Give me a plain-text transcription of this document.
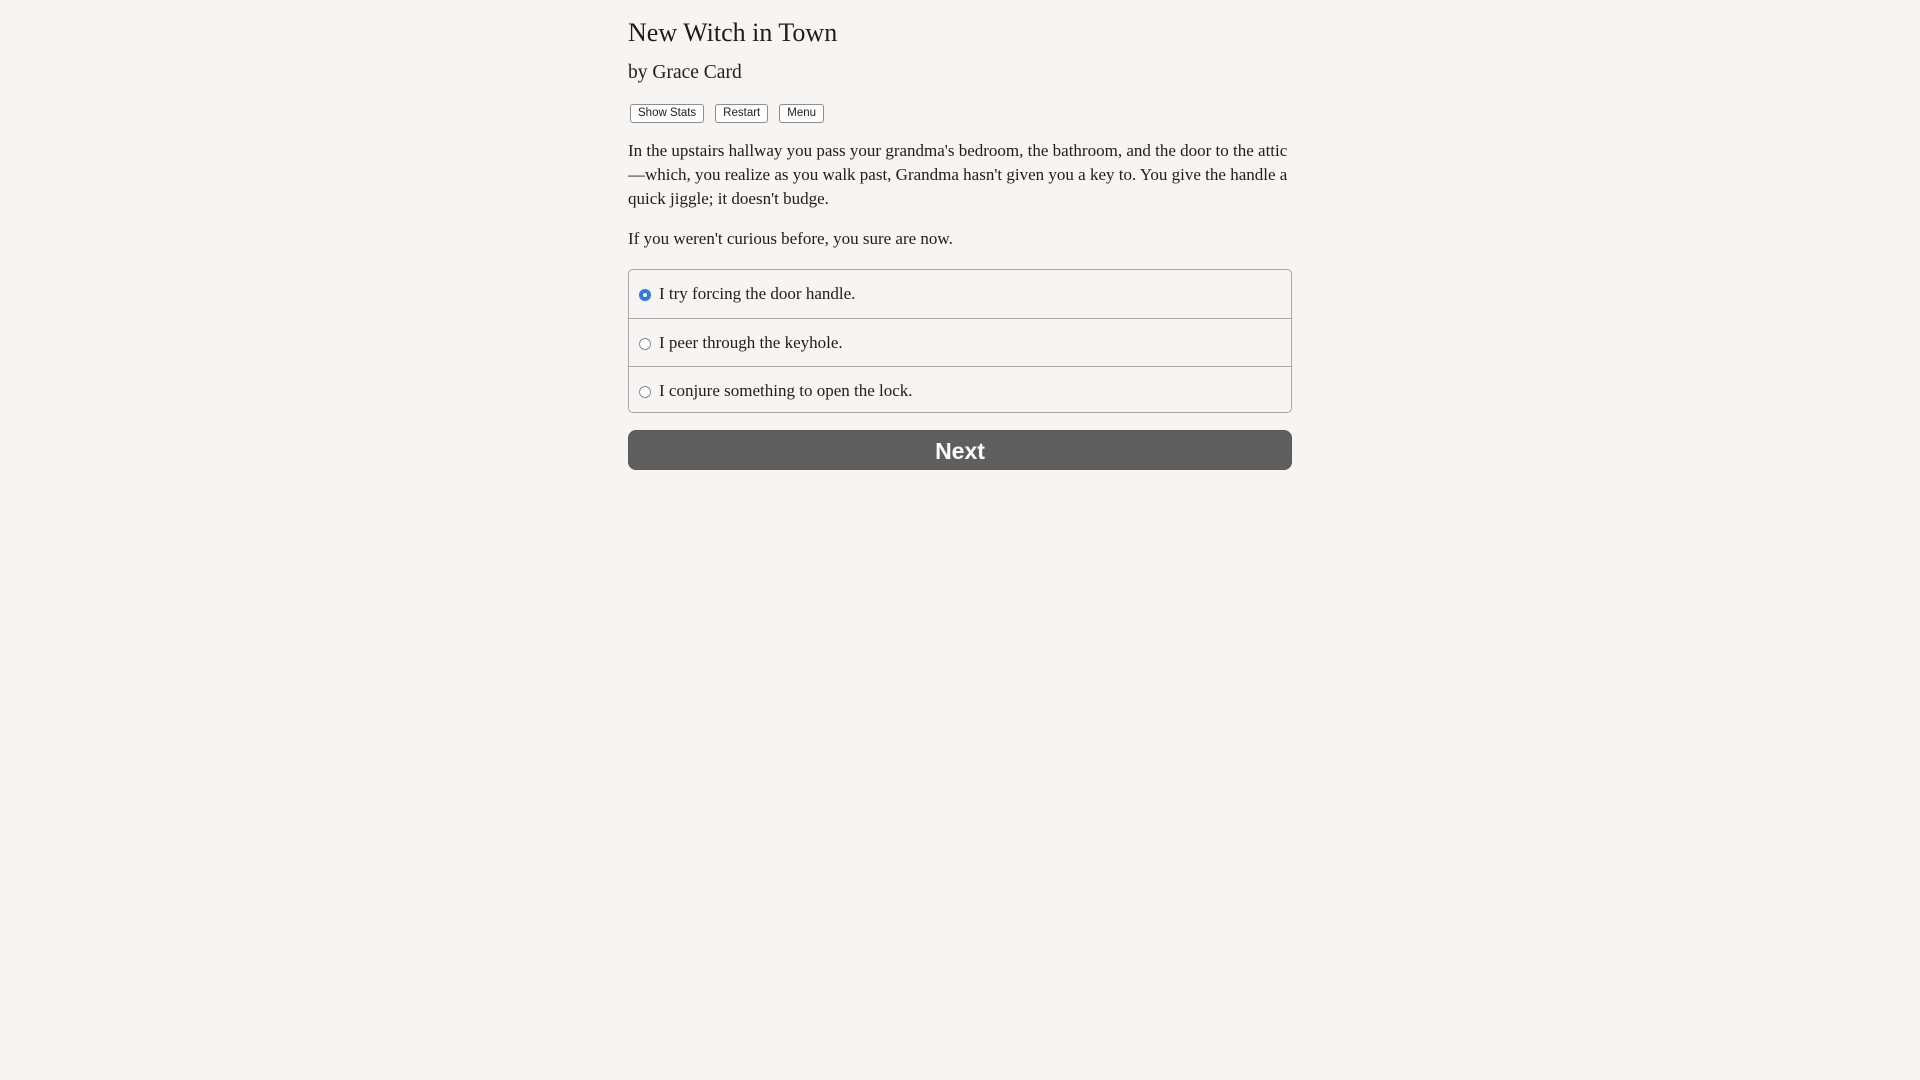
New Witch in Town

by Grace Card

Show Stats	Restart	Menu

In the upstairs hallway you pass your grandma's bedroom, the bathroom, and the door to the attic—which, you realize as you walk past, Grandma hasn't given you a key to. You give the handle a quick jiggle; it doesn't budge.

If you weren't curious before, you sure are now.

I try forcing the door handle.
I peer through the keyhole.
I conjure something to open the lock.
Next
